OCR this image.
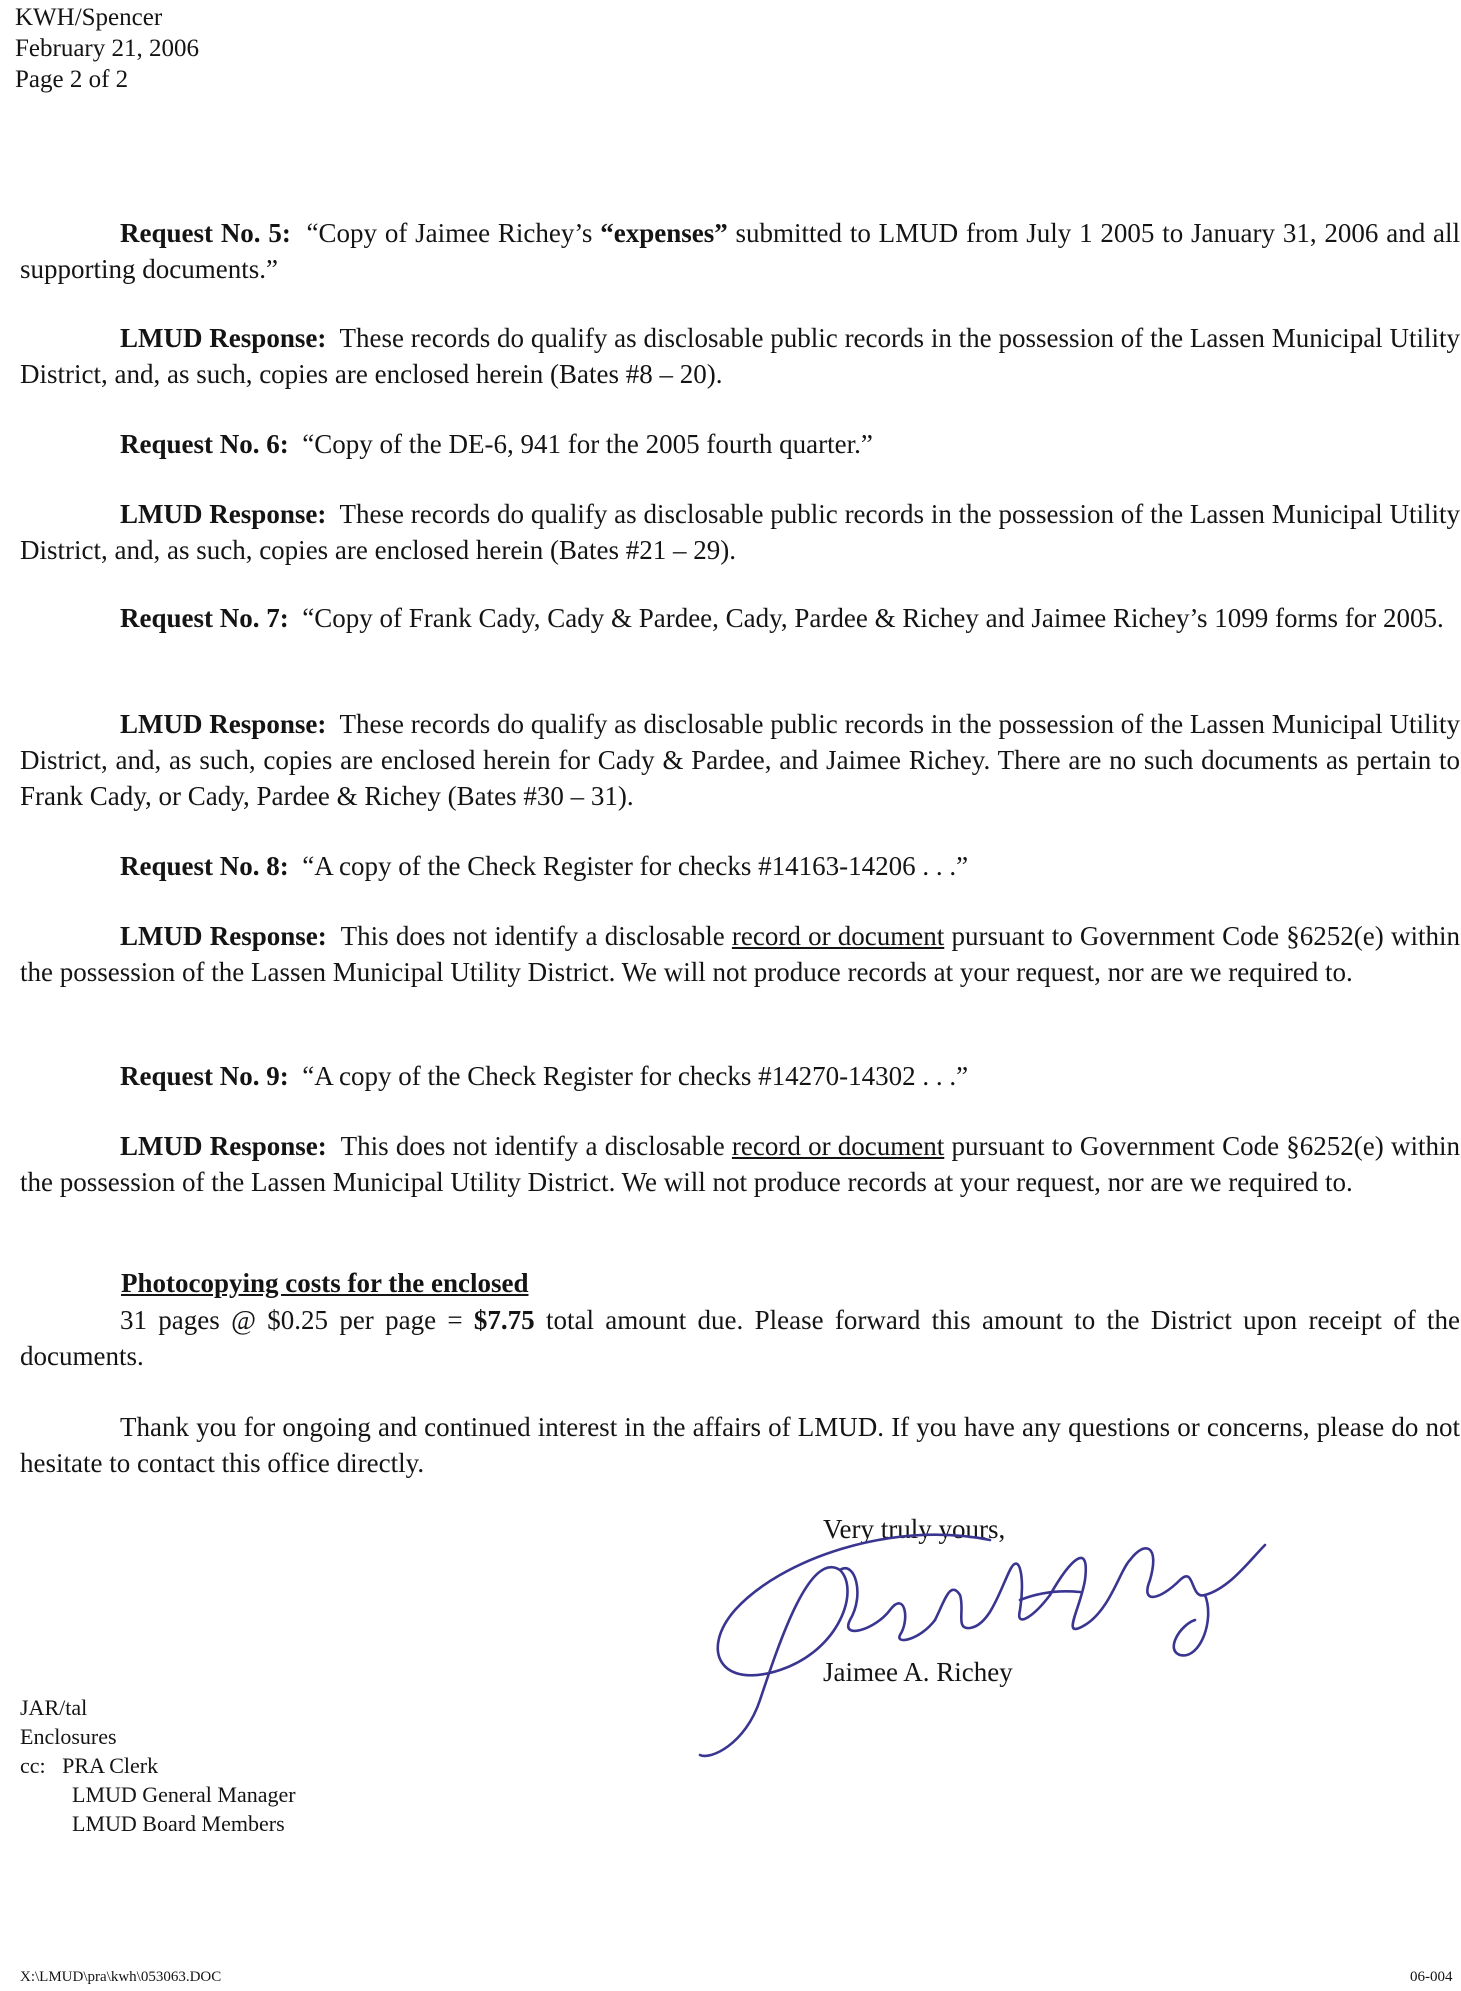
KWH/Spencer
February 21, 2006
Page 2 of 2
Request No. 5: “Copy of Jaimee Richey’s “expenses” submitted to LMUD from July 1 2005 to January 31, 2006 and all supporting documents.”
LMUD Response: These records do qualify as disclosable public records in the possession of the Lassen Municipal Utility District, and, as such, copies are enclosed herein (Bates #8 – 20).
Request No. 6: “Copy of the DE-6, 941 for the 2005 fourth quarter.”
LMUD Response: These records do qualify as disclosable public records in the possession of the Lassen Municipal Utility District, and, as such, copies are enclosed herein (Bates #21 – 29).
Request No. 7: “Copy of Frank Cady, Cady & Pardee, Cady, Pardee & Richey and Jaimee Richey’s 1099 forms for 2005.
LMUD Response: These records do qualify as disclosable public records in the possession of the Lassen Municipal Utility District, and, as such, copies are enclosed herein for Cady & Pardee, and Jaimee Richey. There are no such documents as pertain to Frank Cady, or Cady, Pardee & Richey (Bates #30 – 31).
Request No. 8: “A copy of the Check Register for checks #14163-14206 . . .”
LMUD Response: This does not identify a disclosable record or document pursuant to Government Code §6252(e) within the possession of the Lassen Municipal Utility District. We will not produce records at your request, nor are we required to.
Request No. 9: “A copy of the Check Register for checks #14270-14302 . . .”
LMUD Response: This does not identify a disclosable record or document pursuant to Government Code §6252(e) within the possession of the Lassen Municipal Utility District. We will not produce records at your request, nor are we required to.
Photocopying costs for the enclosed
31 pages @ $0.25 per page = $7.75 total amount due. Please forward this amount to the District upon receipt of the documents.
Thank you for ongoing and continued interest in the affairs of LMUD. If you have any questions or concerns, please do not hesitate to contact this office directly.
Very truly yours,
Jaimee A. Richey
JAR/tal
Enclosures
cc: PRA Clerk
LMUD General Manager
LMUD Board Members
X:\LMUD\pra\kwh\053063.DOC	06-004
